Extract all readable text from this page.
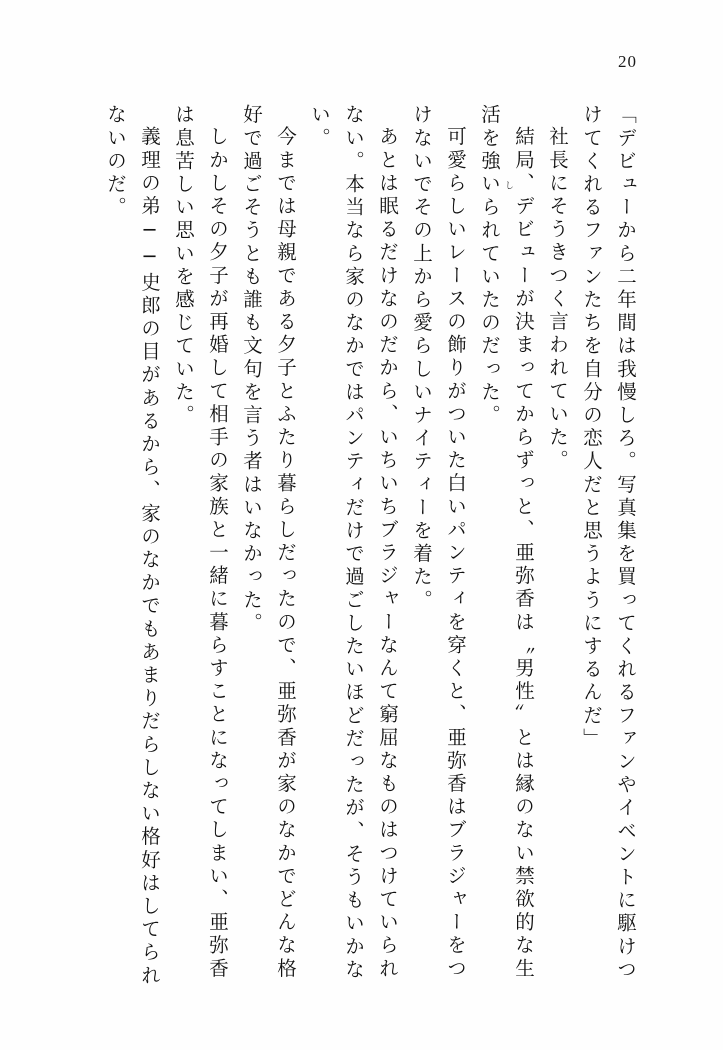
20
「デビューから二年間は我慢しろ。写真集を買ってくれるファンやイベントに駆けつ
けてくれるファンたちを自分の恋人だと思うようにするんだ」
社長にそうきつく言われていた。
結局、デビューが決まってからずっと、亜弥香は〝男性〟とは縁のない禁欲的な生
活を強い し
られていたのだった。
可愛らしいレースの飾りがついた白いパンティを穿くと、亜弥香はブラジャーをつ
けないでその上から愛らしいナイティーを着た。
あとは眠るだけなのだから、いちいちブラジャーなんて窮屈なものはつけていられ
ない。本当なら家のなかではパンティだけで過ごしたいほどだったが、そうもいかな
い。
今までは母親である夕子とふたり暮らしだったので、亜弥香が家のなかでどんな格
好で過ごそうとも誰も文句を言う者はいなかった。
しかしその夕子が再婚して相手の家族と一緒に暮らすことになってしまい、亜弥香
は息苦しい思いを感じていた。
義理の弟──史郎の目があるから、家のなかでもあまりだらしない格好はしてられ
ないのだ。
